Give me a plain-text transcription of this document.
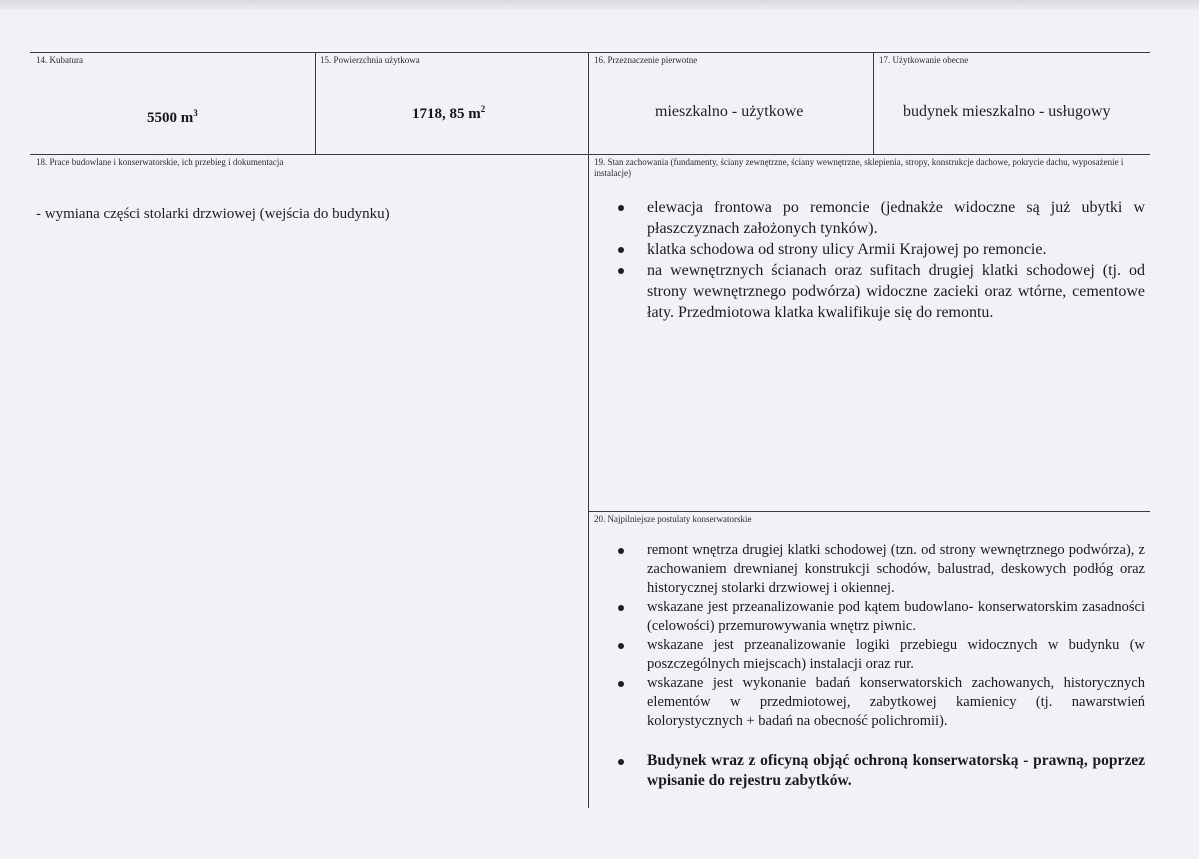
14. Kubatura
5500 $m^3$
15. Powierzchnia użytkowa
1718, 85 $m^2$
16. Przeznaczenie pierwotne
mieszkalno - użytkowe
17. Użytkowanie obecne
budynek mieszkalno - usługowy
18. Prace budowlane i konserwatorskie, ich przebieg i dokumentacja
- wymiana części stolarki drzwiowej (wejścia do budynku)
19. Stan zachowania (fundamenty, ściany zewnętrzne, ściany wewnętrzne, sklepienia, stropy, konstrukcje dachowe, pokrycie dachu, wyposażenie i instalacje)
elewacja frontowa po remoncie (jednakże widoczne są już ubytki w płaszczyznach założonych tynków).
klatka schodowa od strony ulicy Armii Krajowej po remoncie.
na wewnętrznych ścianach oraz sufitach drugiej klatki schodowej (tj. od strony wewnętrznego podwórza) widoczne zacieki oraz wtórne, cementowe łaty. Przedmiotowa klatka kwalifikuje się do remontu.
20. Najpilniejsze postulaty konserwatorskie
remont wnętrza drugiej klatki schodowej (tzn. od strony wewnętrznego podwórza), z zachowaniem drewnianej konstrukcji schodów, balustrad, deskowych podłóg oraz historycznej stolarki drzwiowej i okiennej.
wskazane jest przeanalizowanie pod kątem budowlano- konserwatorskim zasadności (celowości) przemurowywania wnętrz piwnic.
wskazane jest przeanalizowanie logiki przebiegu widocznych w budynku (w poszczególnych miejscach) instalacji oraz rur.
wskazane jest wykonanie badań konserwatorskich zachowanych, historycznych elementów w przedmiotowej, zabytkowej kamienicy (tj. nawarstwień kolorystycznych + badań na obecność polichromii).
Budynek wraz z oficyną objąć ochroną konserwatorską - prawną, poprzez wpisanie do rejestru zabytków.
